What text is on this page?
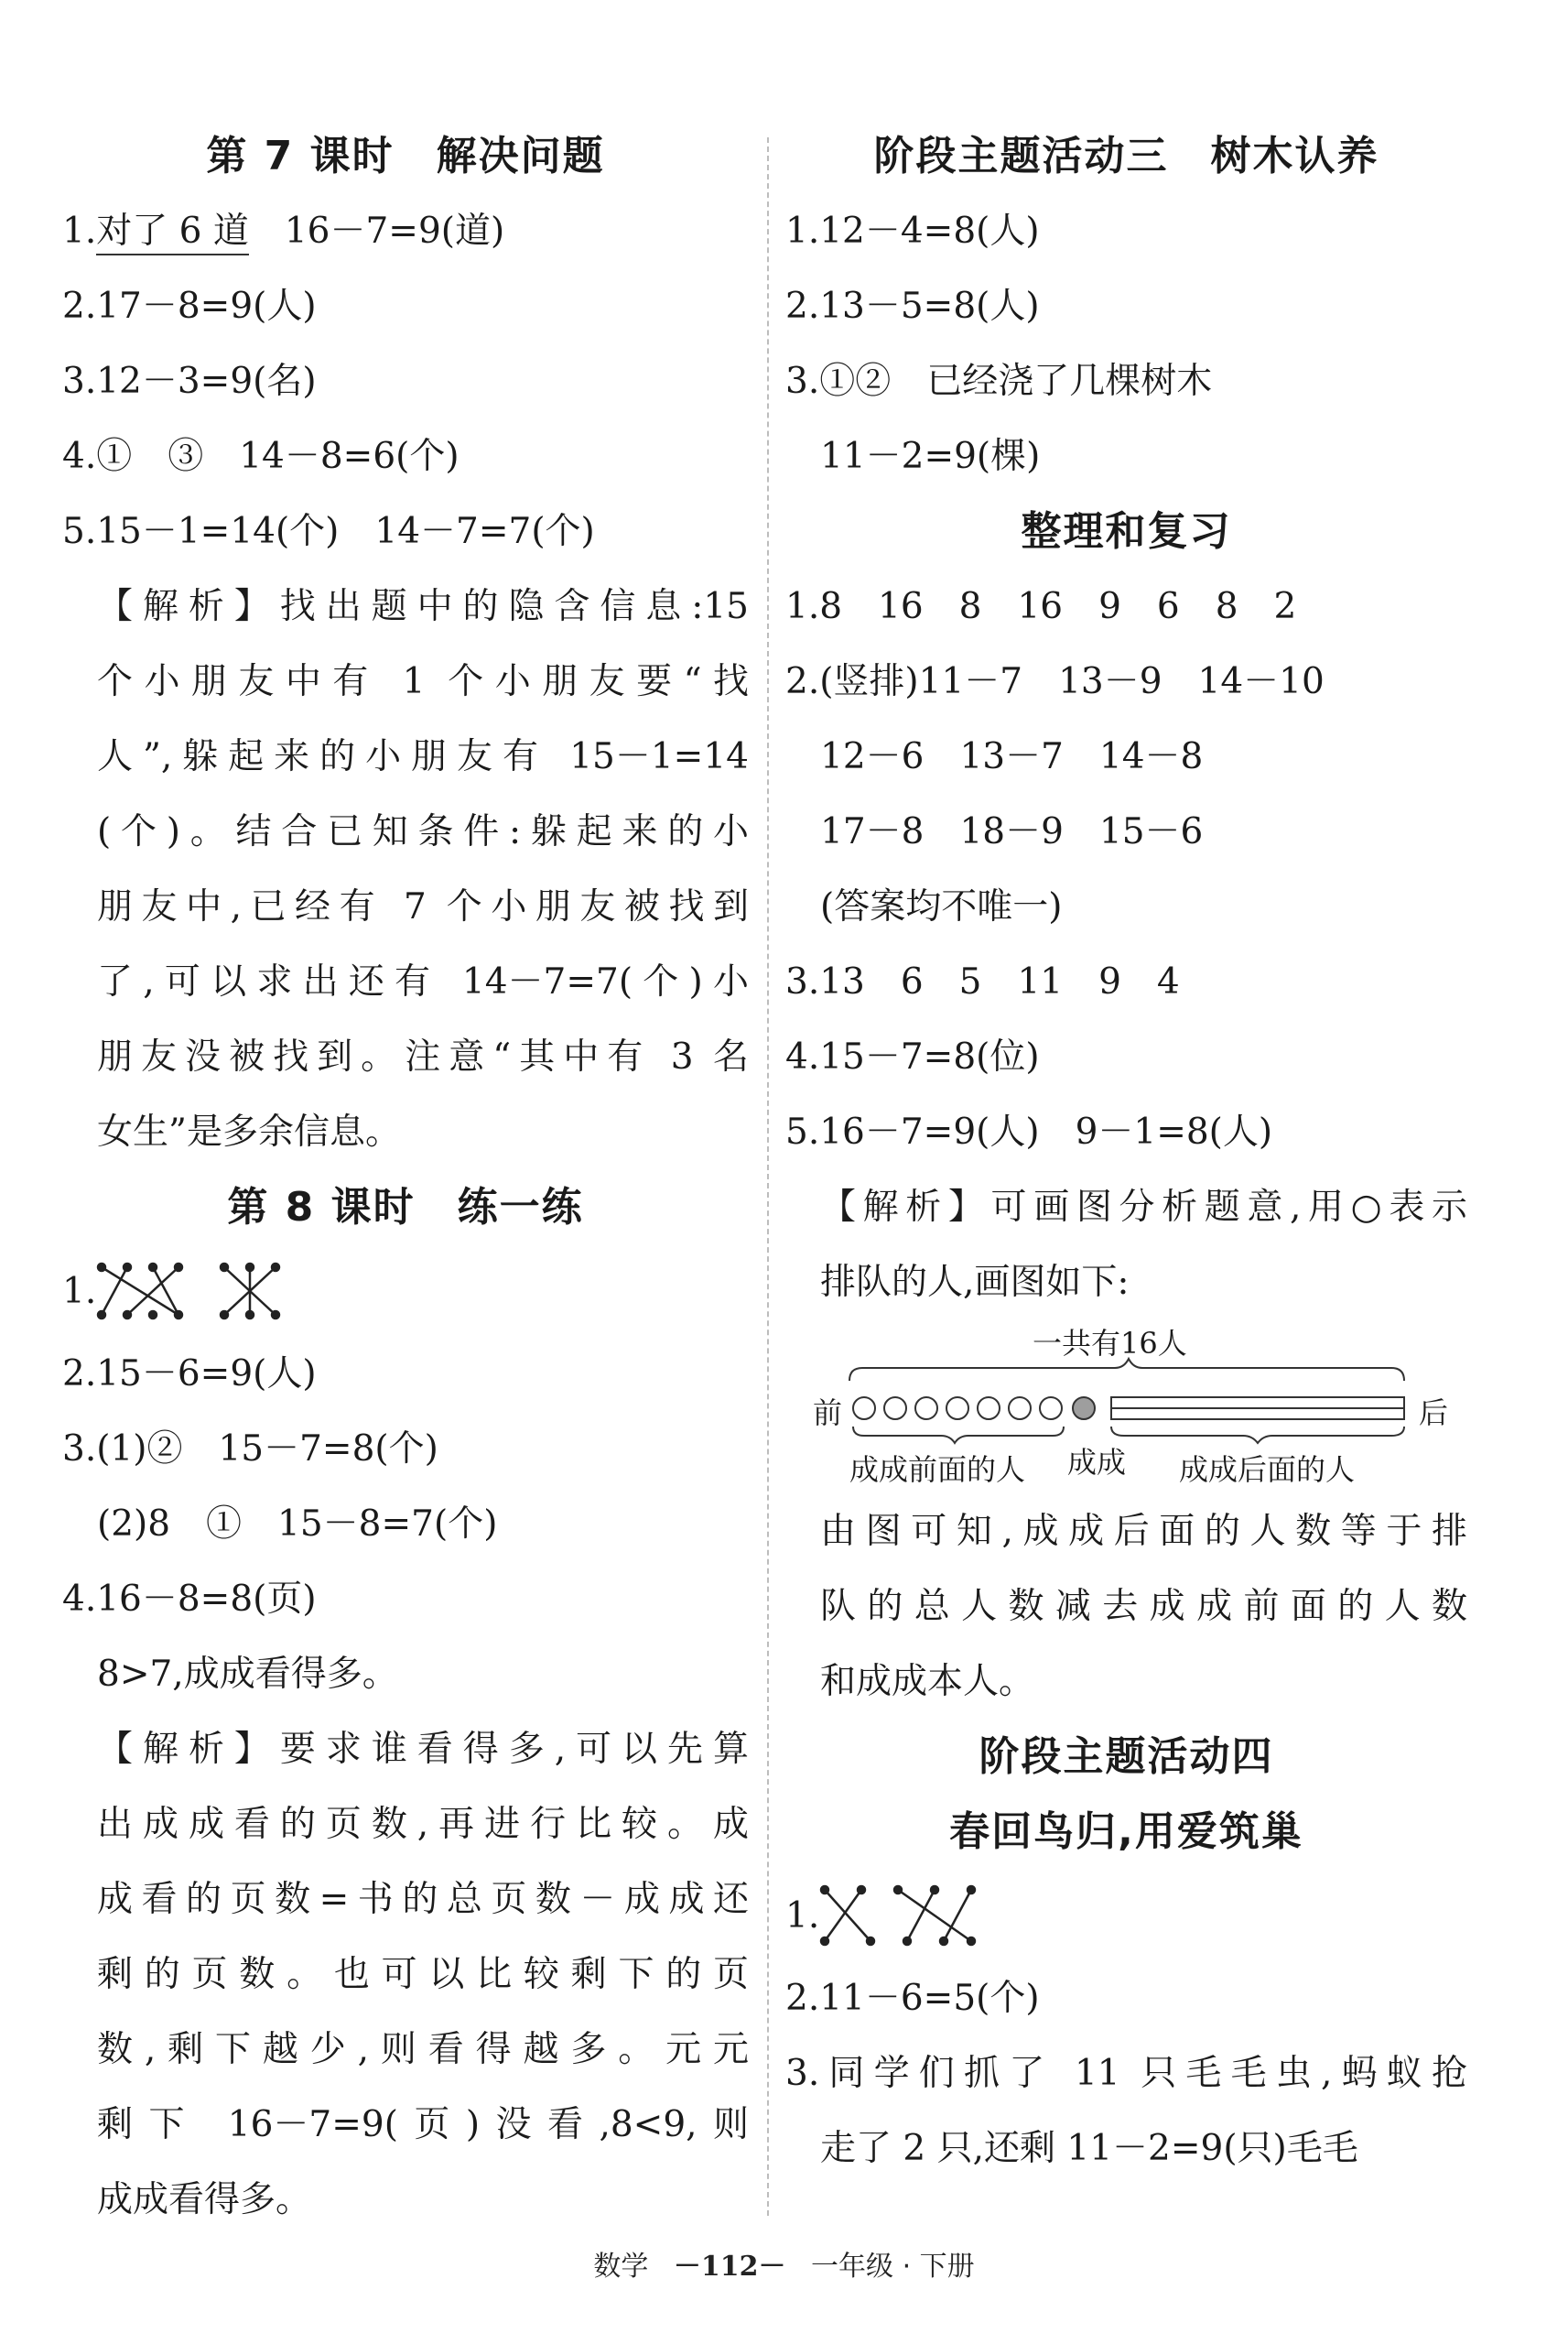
第 7 课时　解决问题
1.对了 6 道　16－7=9(道)
2.17－8=9(人)
3.12－3=9(名)
4.①　③　14－8=6(个)
5.15－1=14(个)　14－7=7(个)
【解析】找出题中的隐含信息:15
个小朋友中有 1 个小朋友要“找
人”,躲起来的小朋友有 15－1=14
(个)。结合已知条件:躲起来的小
朋友中,已经有 7 个小朋友被找到
了,可以求出还有 14－7=7(个)小
朋友没被找到。注意“其中有 3 名
女生”是多余信息。
第 8 课时　练一练
1.
2.15－6=9(人)
3.(1)②　15－7=8(个)
(2)8　①　15－8=7(个)
4.16－8=8(页)
8>7,成成看得多。
【解析】要求谁看得多,可以先算
出成成看的页数,再进行比较。成
成看的页数=书的总页数－成成还
剩的页数。也可以比较剩下的页
数,剩下越少,则看得越多。元元
剩下 16－7=9(页)没看,8<9,则
成成看得多。
阶段主题活动三　树木认养
1.12－4=8(人)
2.13－5=8(人)
3.①②　已经浇了几棵树木
11－2=9(棵)
整理和复习
1.8　16　8　16　9　6　8　2
2.(竖排)11－7　13－9　14－10
12－6　13－7　14－8
17－8　18－9　15－6
(答案均不唯一)
3.13　6　5　11　9　4
4.15－7=8(位)
5.16－7=9(人)　9－1=8(人)
【解析】可画图分析题意,用○表示
排队的人,画图如下:
一共有16人
前	后
成成前面的人 成成 成成后面的人
由图可知,成成后面的人数等于排
队的总人数减去成成前面的人数
和成成本人。
阶段主题活动四
春回鸟归,用爱筑巢
1.
2.11－6=5(个)
3.同学们抓了 11 只毛毛虫,蚂蚁抢
走了 2 只,还剩 11－2=9(只)毛毛
数学 －112－ 一年级 · 下册
